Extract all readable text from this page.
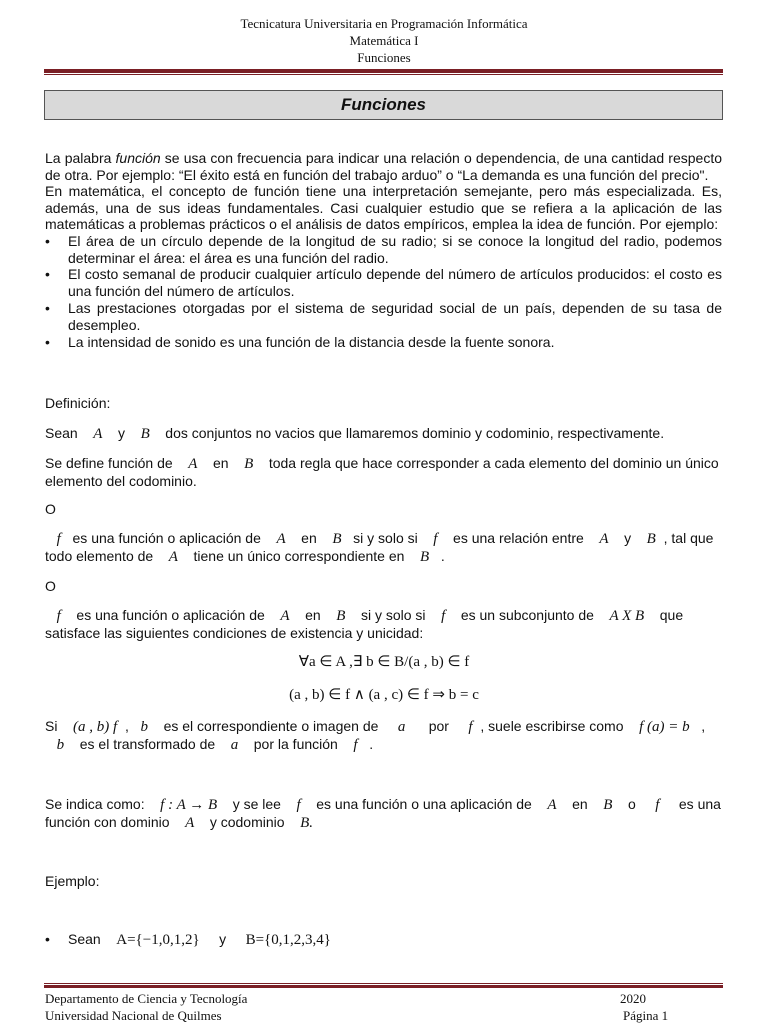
Tecnicatura Universitaria en Programación Informática
Matemática I
Funciones
Funciones
La palabra función se usa con frecuencia para indicar una relación o dependencia, de una cantidad respecto de otra. Por ejemplo: “El éxito está en función del trabajo arduo” o “La demanda es una función del precio".
En matemática, el concepto de función tiene una interpretación semejante, pero más especializada. Es, además, una de sus ideas fundamentales. Casi cualquier estudio que se refiera a la aplicación de las matemáticas a problemas prácticos o el análisis de datos empíricos, emplea la idea de función. Por ejemplo:
•	El área de un círculo depende de la longitud de su radio; si se conoce la longitud del radio, podemos determinar el área: el área es una función del radio.
•	El costo semanal de producir cualquier artículo depende del número de artículos producidos: el costo es una función del número de artículos.
•	Las prestaciones otorgadas por el sistema de seguridad social de un país, dependen de su tasa de desempleo.
•	La intensidad de sonido es una función de la distancia desde la fuente sonora.
Definición:
Sean A y B dos conjuntos no vacios que llamaremos dominio y codominio, respectivamente.
Se define función de A en B toda regla que hace corresponder a cada elemento del dominio un único elemento del codominio.
O
f es una función o aplicación de A en B si y solo si f es una relación entre A y B , tal que
todo elemento de A tiene un único correspondiente en B .
O
f es una función o aplicación de A en B si y solo si f es un subconjunto de A X B que
satisface las siguientes condiciones de existencia y unicidad:
∀a ∈ A ,∃ b ∈ B/(a , b) ∈ f
(a , b) ∈ f ∧ (a , c) ∈ f ⇒ b = c
Si (a , b) f , b es el correspondiente o imagen de a por f , suele escribirse como f (a) = b ,
b es el transformado de a por la función f .
Se indica como: f : A → B y se lee f es una función o una aplicación de A en B o f es una
función con dominio A y codominio B.
Ejemplo:
•	Sean A={−1,0,1,2} y B={0,1,2,3,4}
Departamento de Ciencia y Tecnología
Universidad Nacional de Quilmes
2020
Página 1
